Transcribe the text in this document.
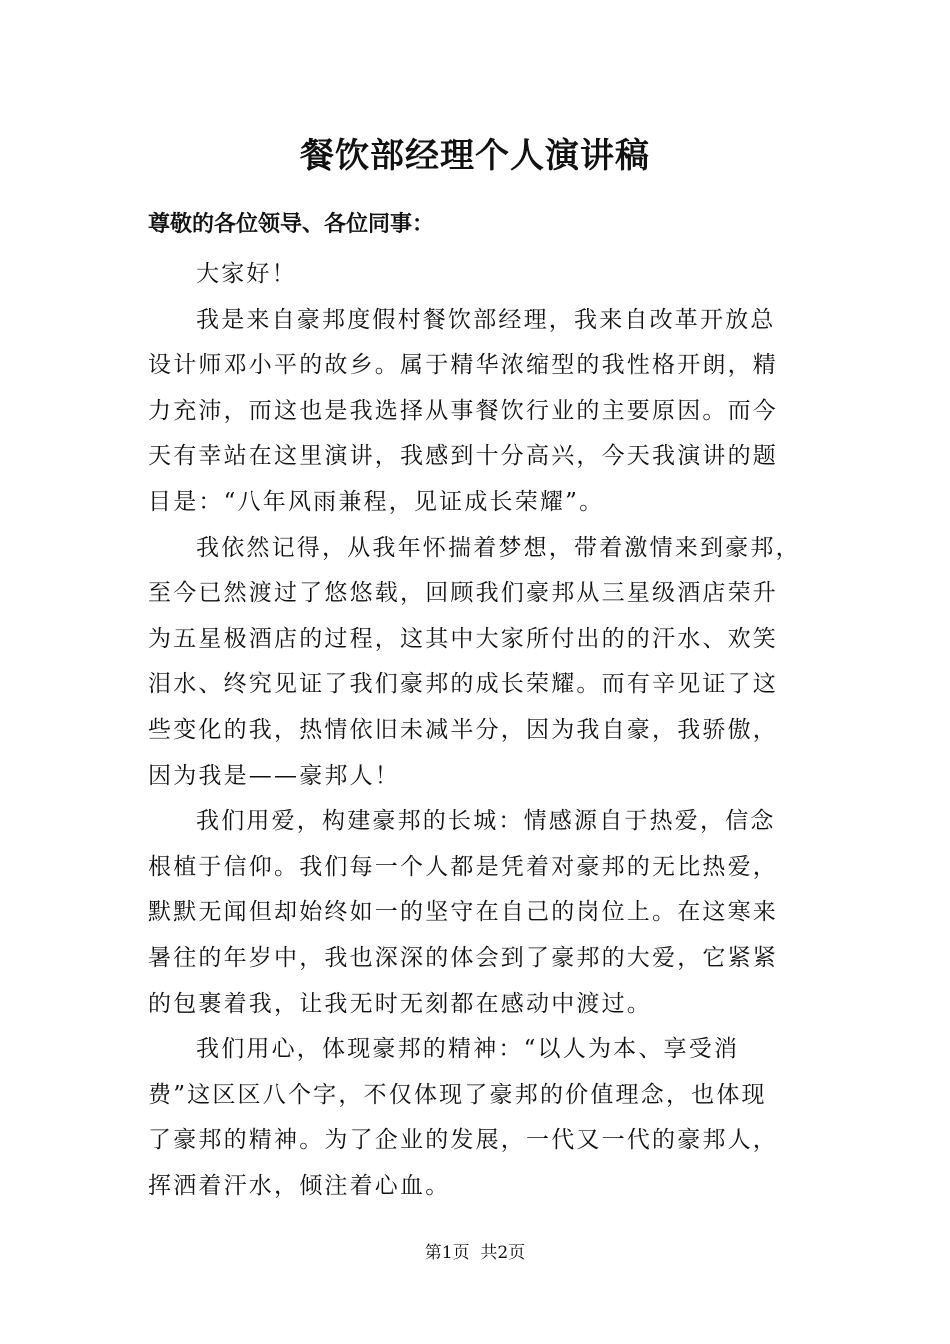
餐饮部经理个人演讲稿
尊敬的各位领导、各位同事：
大家好！
我是来自豪邦度假村餐饮部经理，我来自改革开放总
设计师邓小平的故乡。属于精华浓缩型的我性格开朗，精
力充沛，而这也是我选择从事餐饮行业的主要原因。而今
天有幸站在这里演讲，我感到十分高兴，今天我演讲的题
目是：“八年风雨兼程，见证成长荣耀”。
我依然记得，从我年怀揣着梦想，带着激情来到豪邦，
至今已然渡过了悠悠载，回顾我们豪邦从三星级酒店荣升
为五星极酒店的过程，这其中大家所付出的的汗水、欢笑
泪水、终究见证了我们豪邦的成长荣耀。而有辛见证了这
些变化的我，热情依旧未减半分，因为我自豪，我骄傲，
因为我是——豪邦人！
我们用爱，构建豪邦的长城：情感源自于热爱，信念
根植于信仰。我们每一个人都是凭着对豪邦的无比热爱，
默默无闻但却始终如一的坚守在自己的岗位上。在这寒来
暑往的年岁中，我也深深的体会到了豪邦的大爱，它紧紧
的包裹着我，让我无时无刻都在感动中渡过。
我们用心，体现豪邦的精神：“以人为本、享受消
费”这区区八个字，不仅体现了豪邦的价值理念，也体现
了豪邦的精神。为了企业的发展，一代又一代的豪邦人，
挥洒着汗水，倾注着心血。
第1页  共2页
